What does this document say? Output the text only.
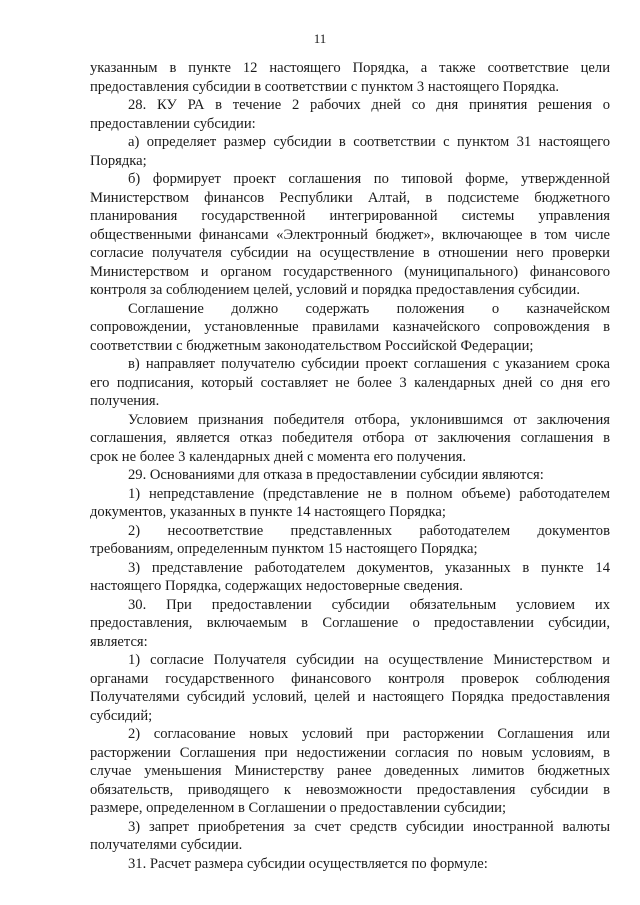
11
указанным в пункте 12 настоящего Порядка, а также соответствие цели
предоставления субсидии в соответствии с пунктом 3 настоящего Порядка.
28. КУ РА в течение 2 рабочих дней со дня принятия решения о
предоставлении субсидии:
а) определяет размер субсидии в соответствии с пунктом 31 настоящего
Порядка;
б) формирует проект соглашения по типовой форме, утвержденной
Министерством финансов Республики Алтай, в подсистеме бюджетного
планирования государственной интегрированной системы управления
общественными финансами «Электронный бюджет», включающее в том числе
согласие получателя субсидии на осуществление в отношении него проверки
Министерством и органом государственного (муниципального) финансового
контроля за соблюдением целей, условий и порядка предоставления субсидии.
Соглашение должно содержать положения о казначейском
сопровождении, установленные правилами казначейского сопровождения в
соответствии с бюджетным законодательством Российской Федерации;
в) направляет получателю субсидии проект соглашения с указанием срока
его подписания, который составляет не более 3 календарных дней со дня его
получения.
Условием признания победителя отбора, уклонившимся от заключения
соглашения, является отказ победителя отбора от заключения соглашения в
срок не более 3 календарных дней с момента его получения.
29. Основаниями для отказа в предоставлении субсидии являются:
1) непредставление (представление не в полном объеме) работодателем
документов, указанных в пункте 14 настоящего Порядка;
2) несоответствие представленных работодателем документов
требованиям, определенным пунктом 15 настоящего Порядка;
3) представление работодателем документов, указанных в пункте 14
настоящего Порядка, содержащих недостоверные сведения.
30. При предоставлении субсидии обязательным условием их
предоставления, включаемым в Соглашение о предоставлении субсидии,
является:
1) согласие Получателя субсидии на осуществление Министерством и
органами государственного финансового контроля проверок соблюдения
Получателями субсидий условий, целей и настоящего Порядка предоставления
субсидий;
2) согласование новых условий при расторжении Соглашения или
расторжении Соглашения при недостижении согласия по новым условиям, в
случае уменьшения Министерству ранее доведенных лимитов бюджетных
обязательств, приводящего к невозможности предоставления субсидии в
размере, определенном в Соглашении о предоставлении субсидии;
3) запрет приобретения за счет средств субсидии иностранной валюты
получателями субсидии.
31. Расчет размера субсидии осуществляется по формуле:
